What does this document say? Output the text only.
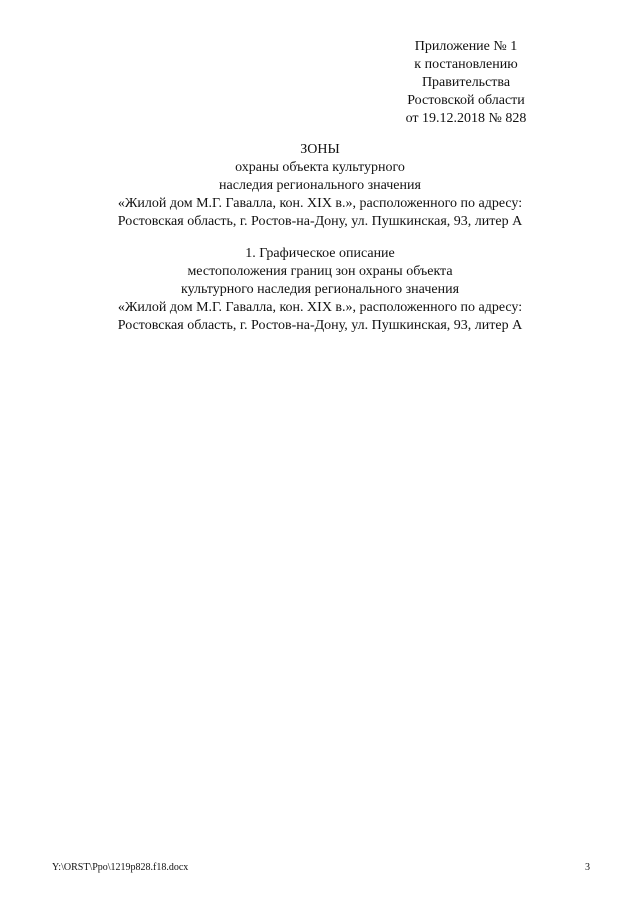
Приложение № 1
к постановлению
Правительства
Ростовской области
от 19.12.2018 № 828
ЗОНЫ
охраны объекта культурного
наследия регионального значения
«Жилой дом М.Г. Гавалла, кон. XIX в.», расположенного по адресу:
Ростовская область, г. Ростов-на-Дону, ул. Пушкинская, 93, литер А
1. Графическое описание
местоположения границ зон охраны объекта
культурного наследия регионального значения
«Жилой дом М.Г. Гавалла, кон. XIX в.», расположенного по адресу:
Ростовская область, г. Ростов-на-Дону, ул. Пушкинская, 93, литер А
Y:\ORST\Ppo\1219p828.f18.docx	3
